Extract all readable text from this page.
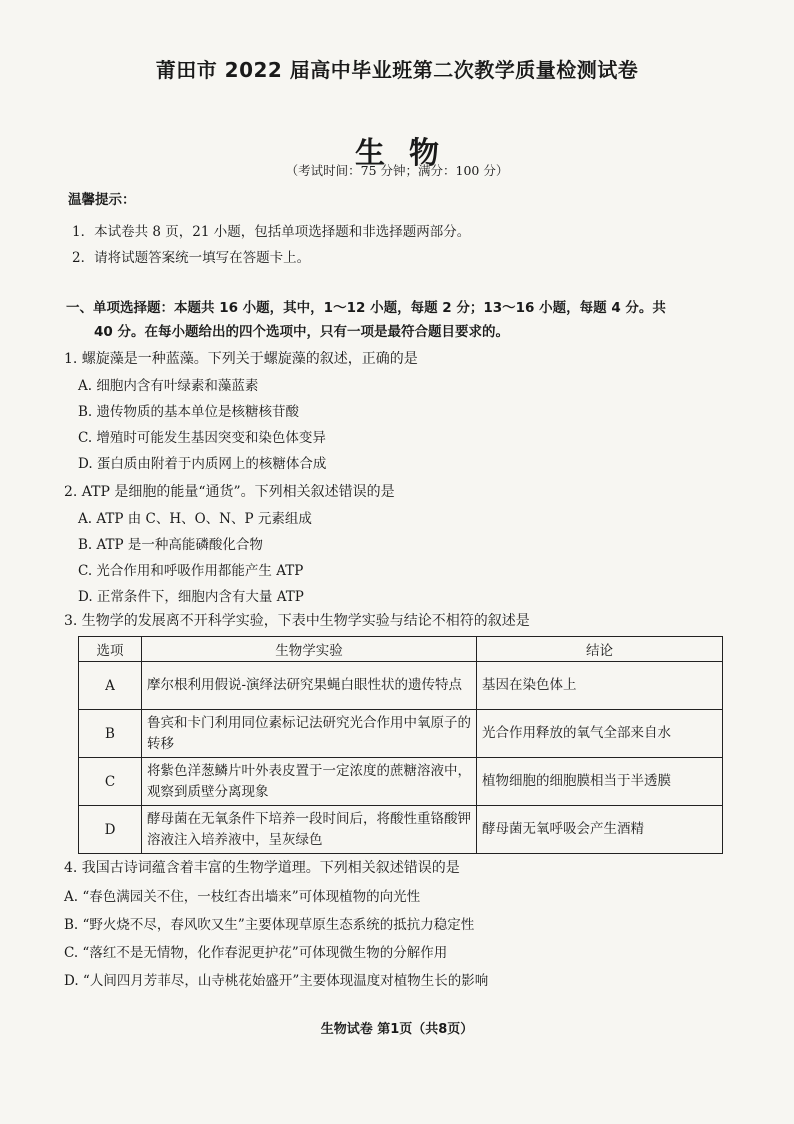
莆田市 2022 届高中毕业班第二次教学质量检测试卷
生物
（考试时间：75 分钟；满分：100 分）
温馨提示：
1．本试卷共 8 页，21 小题，包括单项选择题和非选择题两部分。
2．请将试题答案统一填写在答题卡上。
一、单项选择题：本题共 16 小题，其中，1～12 小题，每题 2 分；13～16 小题，每题 4 分。共
40 分。在每小题给出的四个选项中，只有一项是最符合题目要求的。
1. 螺旋藻是一种蓝藻。下列关于螺旋藻的叙述，正确的是
A. 细胞内含有叶绿素和藻蓝素
B. 遗传物质的基本单位是核糖核苷酸
C. 增殖时可能发生基因突变和染色体变异
D. 蛋白质由附着于内质网上的核糖体合成
2. ATP 是细胞的能量“通货”。下列相关叙述错误的是
A. ATP 由 C、H、O、N、P 元素组成
B. ATP 是一种高能磷酸化合物
C. 光合作用和呼吸作用都能产生 ATP
D. 正常条件下，细胞内含有大量 ATP
3. 生物学的发展离不开科学实验，下表中生物学实验与结论不相符的叙述是
选项	生物学实验	结论
A	摩尔根利用假说-演绎法研究果蝇白眼性状的遗传特点	基因在染色体上
B	鲁宾和卡门利用同位素标记法研究光合作用中氧原子的转移	光合作用释放的氧气全部来自水
C	将紫色洋葱鳞片叶外表皮置于一定浓度的蔗糖溶液中，观察到质壁分离现象	植物细胞的细胞膜相当于半透膜
D	酵母菌在无氧条件下培养一段时间后，将酸性重铬酸钾溶液注入培养液中，呈灰绿色	酵母菌无氧呼吸会产生酒精
4. 我国古诗词蕴含着丰富的生物学道理。下列相关叙述错误的是
A. “春色满园关不住，一枝红杏出墙来”可体现植物的向光性
B. “野火烧不尽，春风吹又生”主要体现草原生态系统的抵抗力稳定性
C. “落红不是无情物，化作春泥更护花”可体现微生物的分解作用
D. “人间四月芳菲尽，山寺桃花始盛开”主要体现温度对植物生长的影响
生物试卷 第1页（共8页）
